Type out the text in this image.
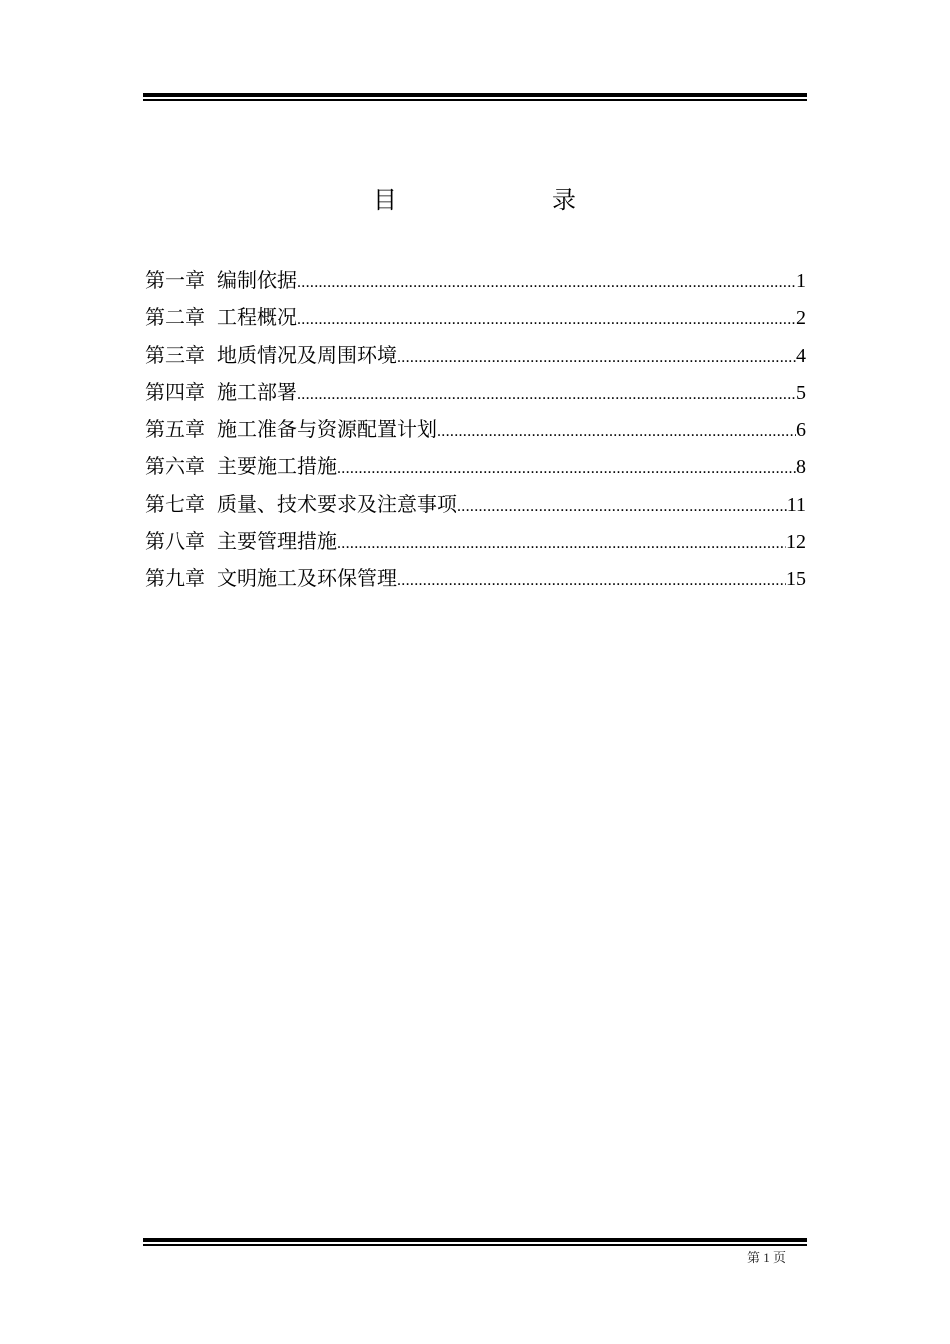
目	录
第一章 编制依据 .....	1
第二章 工程概况 .....	2
第三章 地质情况及周围环境 .....	4
第四章 施工部署 .....	5
第五章 施工准备与资源配置计划 .....	6
第六章 主要施工措施 .....	8
第七章 质量、技术要求及注意事项 .....	11
第八章 主要管理措施 .....	12
第九章 文明施工及环保管理 .....	15
第 1 页
